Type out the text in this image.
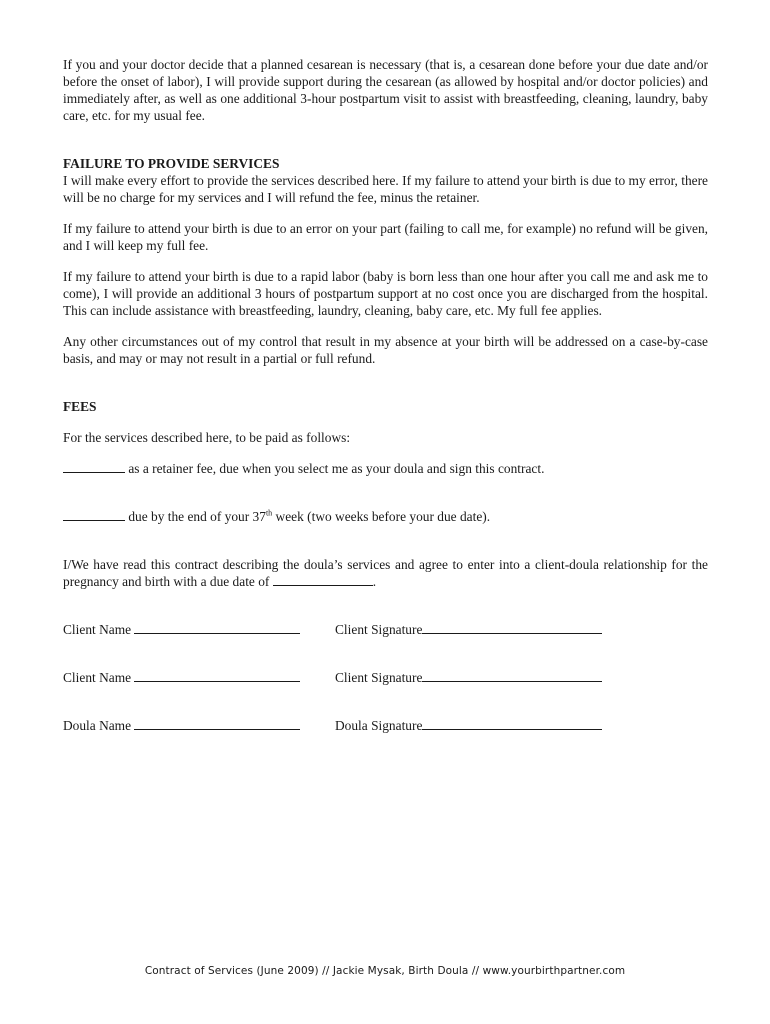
If you and your doctor decide that a planned cesarean is necessary (that is, a cesarean done before your due date and/or before the onset of labor), I will provide support during the cesarean (as allowed by hospital and/or doctor policies) and immediately after, as well as one additional 3-hour postpartum visit to assist with breastfeeding, cleaning, laundry, baby care, etc. for my usual fee.

FAILURE TO PROVIDE SERVICES

I will make every effort to provide the services described here. If my failure to attend your birth is due to my error, there will be no charge for my services and I will refund the fee, minus the retainer.

If my failure to attend your birth is due to an error on your part (failing to call me, for example) no refund will be given, and I will keep my full fee.

If my failure to attend your birth is due to a rapid labor (baby is born less than one hour after you call me and ask me to come), I will provide an additional 3 hours of postpartum support at no cost once you are discharged from the hospital. This can include assistance with breastfeeding, laundry, cleaning, baby care, etc. My full fee applies.

Any other circumstances out of my control that result in my absence at your birth will be addressed on a case-by-case basis, and may or may not result in a partial or full refund.

FEES

For the services described here, to be paid as follows:

as a retainer fee, due when you select me as your doula and sign this contract.

due by the end of your 37th week (two weeks before your due date).

I/We have read this contract describing the doula’s services and agree to enter into a client-doula relationship for the pregnancy and birth with a due date of	.

Client Name	Client Signature
Client Name	Client Signature
Doula Name	Doula Signature
Contract of Services (June 2009) // Jackie Mysak, Birth Doula // www.yourbirthpartner.com
